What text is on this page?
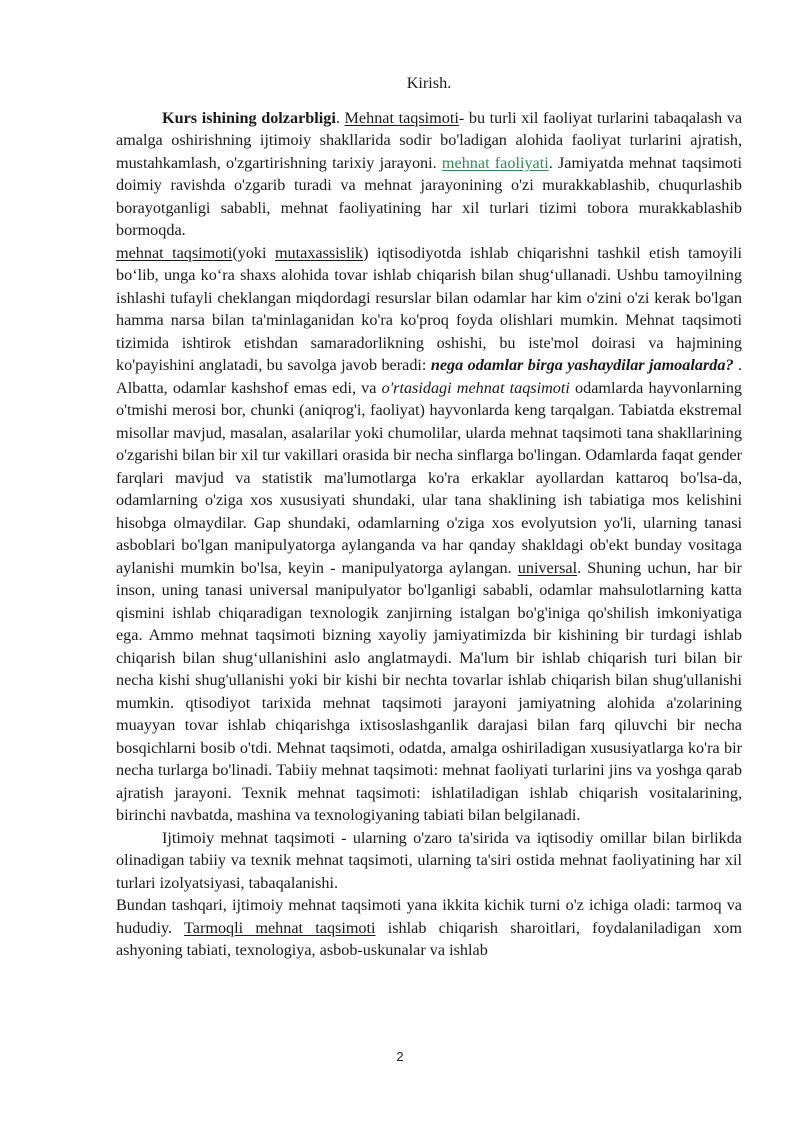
Kirish.

Kurs ishining dolzarbligi. Mehnat taqsimoti- bu turli xil faoliyat turlarini tabaqalash va amalga oshirishning ijtimoiy shakllarida sodir bo'ladigan alohida faoliyat turlarini ajratish, mustahkamlash, o'zgartirishning tarixiy jarayoni. mehnat faoliyati. Jamiyatda mehnat taqsimoti doimiy ravishda o'zgarib turadi va mehnat jarayonining o'zi murakkablashib, chuqurlashib borayotganligi sababli, mehnat faoliyatining har xil turlari tizimi tobora murakkablashib bormoqda.

mehnat taqsimoti(yoki mutaxassislik) iqtisodiyotda ishlab chiqarishni tashkil etish tamoyili bo‘lib, unga ko‘ra shaxs alohida tovar ishlab chiqarish bilan shug‘ullanadi. Ushbu tamoyilning ishlashi tufayli cheklangan miqdordagi resurslar bilan odamlar har kim o'zini o'zi kerak bo'lgan hamma narsa bilan ta'minlaganidan ko'ra ko'proq foyda olishlari mumkin. Mehnat taqsimoti tizimida ishtirok etishdan samaradorlikning oshishi, bu iste'mol doirasi va hajmining ko'payishini anglatadi, bu savolga javob beradi: nega odamlar birga yashaydilar jamoalarda? . Albatta, odamlar kashshof emas edi, va o'rtasidagi mehnat taqsimoti odamlarda hayvonlarning o'tmishi merosi bor, chunki (aniqrog'i, faoliyat) hayvonlarda keng tarqalgan. Tabiatda ekstremal misollar mavjud, masalan, asalarilar yoki chumolilar, ularda mehnat taqsimoti tana shakllarining o'zgarishi bilan bir xil tur vakillari orasida bir necha sinflarga bo'lingan. Odamlarda faqat gender farqlari mavjud va statistik ma'lumotlarga ko'ra erkaklar ayollardan kattaroq bo'lsa-da, odamlarning o'ziga xos xususiyati shundaki, ular tana shaklining ish tabiatiga mos kelishini hisobga olmaydilar. Gap shundaki, odamlarning o'ziga xos evolyutsion yo'li, ularning tanasi asboblari bo'lgan manipulyatorga aylanganda va har qanday shakldagi ob'ekt bunday vositaga aylanishi mumkin bo'lsa, keyin - manipulyatorga aylangan. universal. Shuning uchun, har bir inson, uning tanasi universal manipulyator bo'lganligi sababli, odamlar mahsulotlarning katta qismini ishlab chiqaradigan texnologik zanjirning istalgan bo'g'iniga qo'shilish imkoniyatiga ega. Ammo mehnat taqsimoti bizning xayoliy jamiyatimizda bir kishining bir turdagi ishlab chiqarish bilan shug‘ullanishini aslo anglatmaydi. Ma'lum bir ishlab chiqarish turi bilan bir necha kishi shug'ullanishi yoki bir kishi bir nechta tovarlar ishlab chiqarish bilan shug'ullanishi mumkin. qtisodiyot tarixida mehnat taqsimoti jarayoni jamiyatning alohida a'zolarining muayyan tovar ishlab chiqarishga ixtisoslashganlik darajasi bilan farq qiluvchi bir necha bosqichlarni bosib o'tdi. Mehnat taqsimoti, odatda, amalga oshiriladigan xususiyatlarga ko'ra bir necha turlarga bo'linadi. Tabiiy mehnat taqsimoti: mehnat faoliyati turlarini jins va yoshga qarab ajratish jarayoni. Texnik mehnat taqsimoti: ishlatiladigan ishlab chiqarish vositalarining, birinchi navbatda, mashina va texnologiyaning tabiati bilan belgilanadi.

Ijtimoiy mehnat taqsimoti - ularning o'zaro ta'sirida va iqtisodiy omillar bilan birlikda olinadigan tabiiy va texnik mehnat taqsimoti, ularning ta'siri ostida mehnat faoliyatining har xil turlari izolyatsiyasi, tabaqalanishi.

Bundan tashqari, ijtimoiy mehnat taqsimoti yana ikkita kichik turni o'z ichiga oladi: tarmoq va hududiy. Tarmoqli mehnat taqsimoti ishlab chiqarish sharoitlari, foydalaniladigan xom ashyoning tabiati, texnologiya, asbob-uskunalar va ishlab

2
